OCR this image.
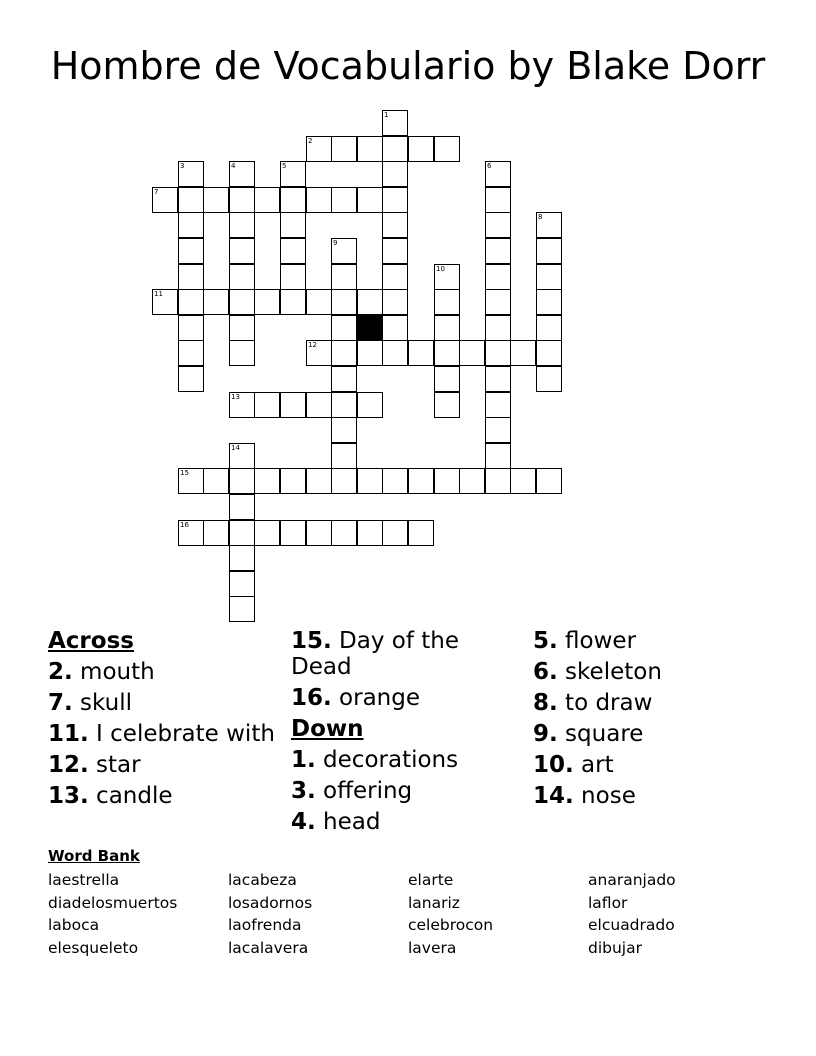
Hombre de Vocabulario by Blake Dorr
1
2
3	4	5	6
7
8
9
10
11
12
13
14
15
16
Across
2. mouth
7. skull
11. I celebrate with
12. star
13. candle
15. Day of the Dead
16. orange
Down
1. decorations
3. offering
4. head
5. flower
6. skeleton
8. to draw
9. square
10. art
14. nose
Word Bank
laestrella
diadelosmuertos
laboca
elesqueleto
lacabeza
losadornos
laofrenda
lacalavera
elarte
lanariz
celebrocon
lavera
anaranjado
laflor
elcuadrado
dibujar
